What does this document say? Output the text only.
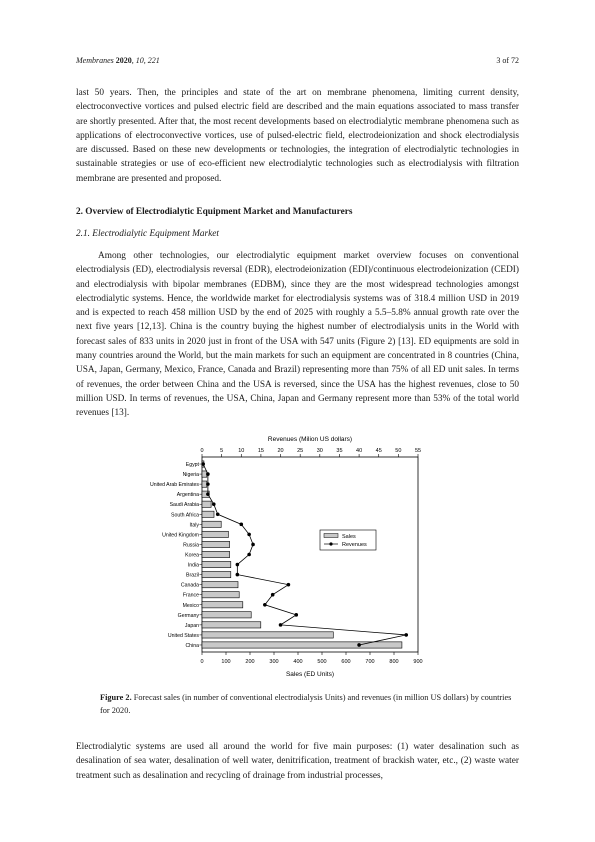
Membranes 2020, 10, 221	3 of 72

last 50 years. Then, the principles and state of the art on membrane phenomena, limiting current density, electroconvective vortices and pulsed electric field are described and the main equations associated to mass transfer are shortly presented. After that, the most recent developments based on electrodialytic membrane phenomena such as applications of electroconvective vortices, use of pulsed-electric field, electrodeionization and shock electrodialysis are discussed. Based on these new developments or technologies, the integration of electrodialytic technologies in sustainable strategies or use of eco-efficient new electrodialytic technologies such as electrodialysis with filtration membrane are presented and proposed.

2. Overview of Electrodialytic Equipment Market and Manufacturers

2.1. Electrodialytic Equipment Market

Among other technologies, our electrodialytic equipment market overview focuses on conventional electrodialysis (ED), electrodialysis reversal (EDR), electrodeionization (EDI)/continuous electrodeionization (CEDI) and electrodialysis with bipolar membranes (EDBM), since they are the most widespread technologies amongst electrodialytic systems. Hence, the worldwide market for electrodialysis systems was of 318.4 million USD in 2019 and is expected to reach 458 million USD by the end of 2025 with roughly a 5.5–5.8% annual growth rate over the next five years [12,13]. China is the country buying the highest number of electrodialysis units in the World with forecast sales of 833 units in 2020 just in front of the USA with 547 units (Figure 2) [13]. ED equipments are sold in many countries around the World, but the main markets for such an equipment are concentrated in 8 countries (China, USA, Japan, Germany, Mexico, France, Canada and Brazil) representing more than 75% of all ED unit sales. In terms of revenues, the order between China and the USA is reversed, since the USA has the highest revenues, close to 50 million USD. In terms of revenues, the USA, China, Japan and Germany represent more than 53% of the total world revenues [13].

Revenues (Milion US dollars)
0	5	10 15 20 25 30 35 40 45 50 55
0	100	200	300	400	500	600	700	800	900
Sales (ED Units)
Egypt
Nigeria
United Arab Emirates
Argentina
Saudi Arabia
South Africa
Italy
United Kingdom
Russia
Korea
India
Brazil
Canada
France
Mexico
Germany
Japan
United States
China
Sales
Revenues

Figure 2. Forecast sales (in number of conventional electrodialysis Units) and revenues (in million US dollars) by countries for 2020.

Electrodialytic systems are used all around the world for five main purposes: (1) water desalination such as desalination of sea water, desalination of well water, denitrification, treatment of brackish water, etc., (2) waste water treatment such as desalination and recycling of drainage from industrial processes,
